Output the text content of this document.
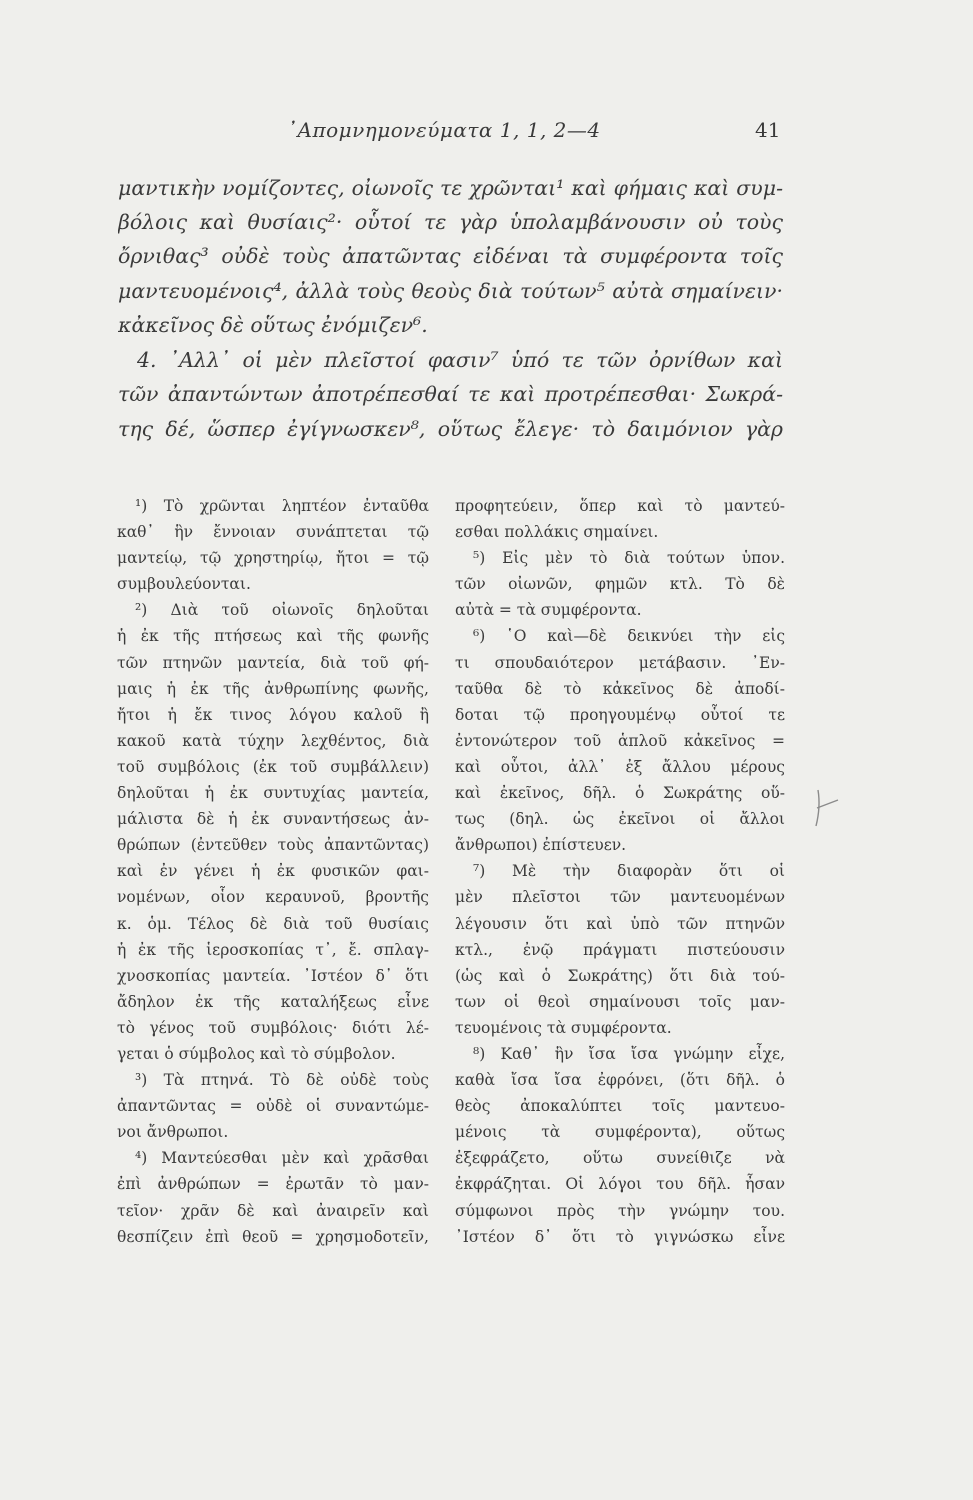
᾿Απομνημονεύματα 1, 1, 2—4	41
μαντικὴν νομίζοντες, οἰωνοῖς τε χρῶνται¹ καὶ φήμαις καὶ συμ-
βόλοις καὶ θυσίαις²· οὗτοί τε γὰρ ὑπολαμβάνουσιν οὐ τοὺς
ὄρνιθας³ οὐδὲ τοὺς ἀπατῶντας εἰδέναι τὰ συμφέροντα τοῖς
μαντευομένοις⁴, ἀλλὰ τοὺς θεοὺς διὰ τούτων⁵ αὐτὰ σημαίνειν·
κἀκεῖνος δὲ οὕτως ἐνόμιζεν⁶.
4. ᾿Αλλ᾿ οἱ μὲν πλεῖστοί φασιν⁷ ὑπό τε τῶν ὀρνίθων καὶ
τῶν ἀπαντώντων ἀποτρέπεσθαί τε καὶ προτρέπεσθαι· Σωκρά-
της δέ, ὥσπερ ἐγίγνωσκεν⁸, οὕτως ἔλεγε· τὸ δαιμόνιον γὰρ
¹) Τὸ χρῶνται ληπτέον ἐνταῦθα
καθ᾿ ἣν ἔννοιαν συνάπτεται τῷ
μαντείῳ, τῷ χρηστηρίῳ, ἤτοι = τῷ
συμβουλεύονται.
²) Διὰ τοῦ οἰωνοῖς δηλοῦται
ἡ ἐκ τῆς πτήσεως καὶ τῆς φωνῆς
τῶν πτηνῶν μαντεία, διὰ τοῦ φή-
μαις ἡ ἐκ τῆς ἀνθρωπίνης φωνῆς,
ἤτοι ἡ ἔκ τινος λόγου καλοῦ ἢ
κακοῦ κατὰ τύχην λεχθέντος, διὰ
τοῦ συμβόλοις (ἐκ τοῦ συμβάλλειν)
δηλοῦται ἡ ἐκ συντυχίας μαντεία,
μάλιστα δὲ ἡ ἐκ συναντήσεως ἀν-
θρώπων (ἐντεῦθεν τοὺς ἀπαντῶντας)
καὶ ἐν γένει ἡ ἐκ φυσικῶν φαι-
νομένων, οἷον κεραυνοῦ, βροντῆς
κ. ὁμ. Τέλος δὲ διὰ τοῦ θυσίαις
ἡ ἐκ τῆς ἱεροσκοπίας τ᾿, ἔ. σπλαγ-
χνοσκοπίας μαντεία. ᾿Ιστέον δ᾿ ὅτι
ἄδηλον ἐκ τῆς καταλήξεως εἶνε
τὸ γένος τοῦ συμβόλοις· διότι λέ-
γεται ὁ σύμβολος καὶ τὸ σύμβολον.
³) Τὰ πτηνά. Τὸ δὲ οὐδὲ τοὺς
ἀπαντῶντας = οὐδὲ οἱ συναντώμε-
νοι ἄνθρωποι.
⁴) Μαντεύεσθαι μὲν καὶ χρᾶσθαι
ἐπὶ ἀνθρώπων = ἐρωτᾶν τὸ μαν-
τεῖον· χρᾶν δὲ καὶ ἀναιρεῖν καὶ
θεσπίζειν ἐπὶ θεοῦ = χρησμοδοτεῖν,
προφητεύειν, ὅπερ καὶ τὸ μαντεύ-
εσθαι πολλάκις σημαίνει.
⁵) Εἰς μὲν τὸ διὰ τούτων ὑπον.
τῶν οἰωνῶν, φημῶν κτλ. Τὸ δὲ
αὐτὰ = τὰ συμφέροντα.
⁶) ῾Ο καὶ—δὲ δεικνύει τὴν εἰς
τι σπουδαιότερον μετάβασιν. ᾿Εν-
ταῦθα δὲ τὸ κἀκεῖνος δὲ ἀποδί-
δοται τῷ προηγουμένῳ οὗτοί τε
ἐντονώτερον τοῦ ἁπλοῦ κἀκεῖνος =
καὶ οὗτοι, ἀλλ᾿ ἐξ ἄλλου μέρους
καὶ ἐκεῖνος, δῆλ. ὁ Σωκράτης οὕ-
τως (δηλ. ὡς ἐκεῖνοι οἱ ἄλλοι
ἄνθρωποι) ἐπίστευεν.
⁷) Μὲ τὴν διαφορὰν ὅτι οἱ
μὲν πλεῖστοι τῶν μαντευομένων
λέγουσιν ὅτι καὶ ὑπὸ τῶν πτηνῶν
κτλ., ἐνῷ πράγματι πιστεύουσιν
(ὡς καὶ ὁ Σωκράτης) ὅτι διὰ τού-
των οἱ θεοὶ σημαίνουσι τοῖς μαν-
τευομένοις τὰ συμφέροντα.
⁸) Καθ᾿ ἣν ἴσα ἴσα γνώμην εἶχε,
καθὰ ἴσα ἴσα ἐφρόνει, (ὅτι δῆλ. ὁ
θεὸς ἀποκαλύπτει τοῖς μαντευο-
μένοις τὰ συμφέροντα), οὕτως
ἐξεφράζετο, οὕτω συνείθιζε νὰ
ἐκφράζηται. Οἱ λόγοι του δῆλ. ἦσαν
σύμφωνοι πρὸς τὴν γνώμην του.
᾿Ιστέον δ᾿ ὅτι τὸ γιγνώσκω εἶνε
